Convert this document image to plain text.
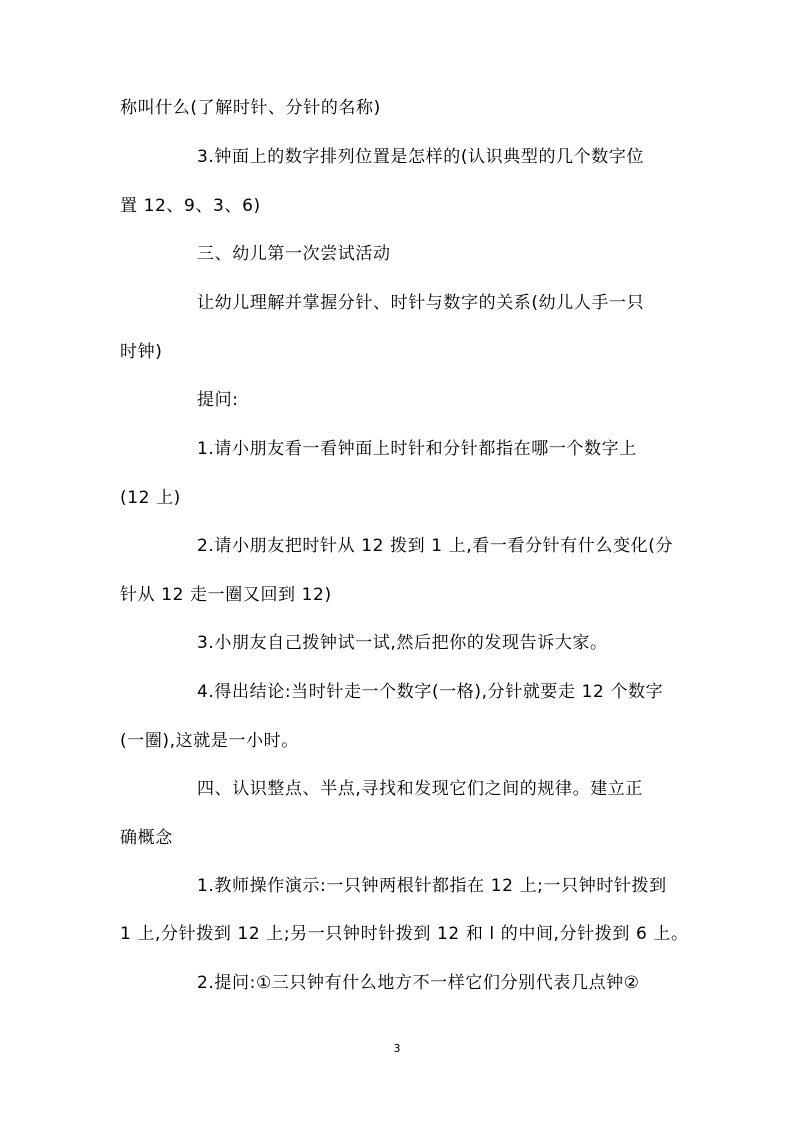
称叫什么(了解时针、分针的名称)
3.钟面上的数字排列位置是怎样的(认识典型的几个数字位
置 12、9、3、6)
三、幼儿第一次尝试活动
让幼儿理解并掌握分针、时针与数字的关系(幼儿人手一只
时钟)
提问:
1.请小朋友看一看钟面上时针和分针都指在哪一个数字上
(12 上)
2.请小朋友把时针从 12 拨到 1 上,看一看分针有什么变化(分
针从 12 走一圈又回到 12)
3.小朋友自己拨钟试一试,然后把你的发现告诉大家。
4.得出结论:当时针走一个数字(一格),分针就要走 12 个数字
(一圈),这就是一小时。
四、认识整点、半点,寻找和发现它们之间的规律。建立正
确概念
1.教师操作演示:一只钟两根针都指在 12 上;一只钟时针拨到
1 上,分针拨到 12 上;另一只钟时针拨到 12 和 l 的中间,分针拨到 6 上。
2.提问:①三只钟有什么地方不一样它们分别代表几点钟②
3
